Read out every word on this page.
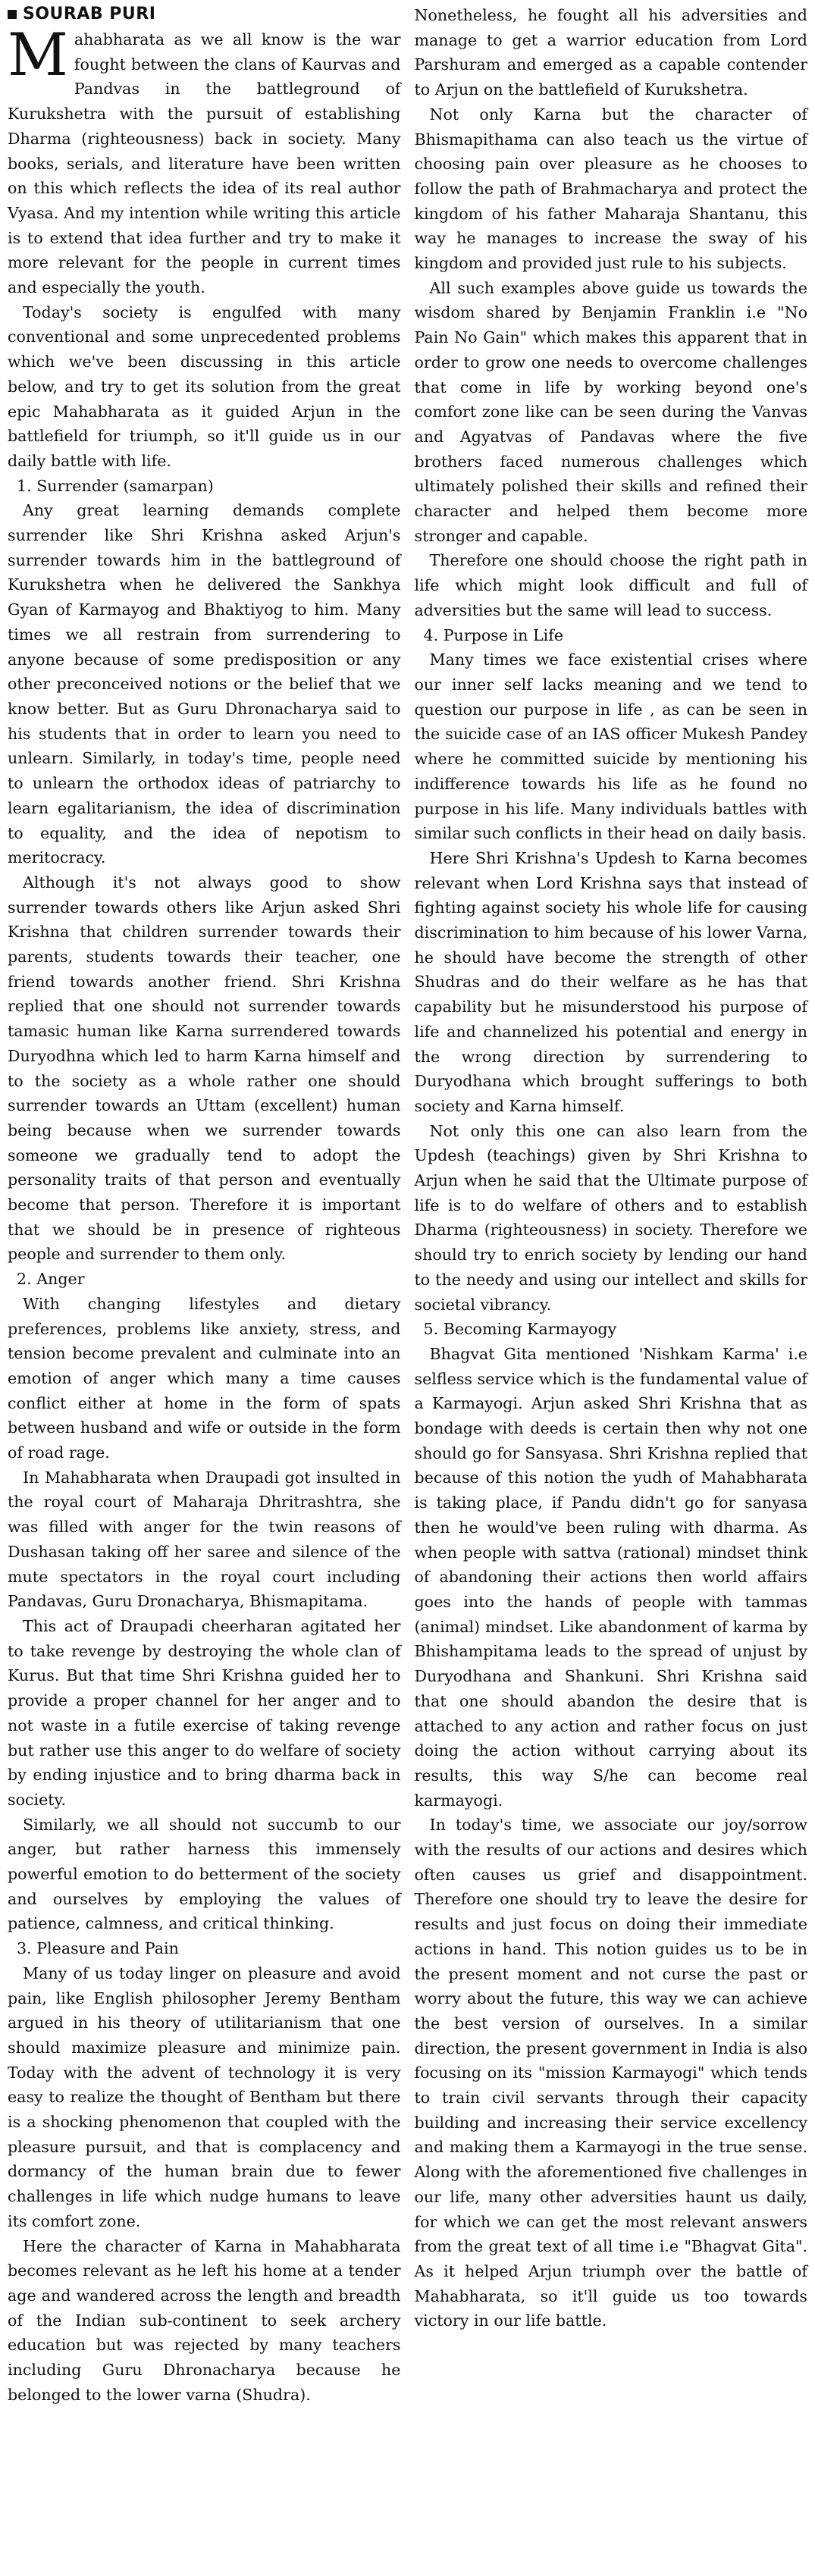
SOURAB PURI

Mahabharata as we all know is the war fought between the clans of Kaurvas and Pandvas in the battleground of Kurukshetra with the pursuit of establishing Dharma (righteousness) back in society. Many books, serials, and literature have been written on this which reflects the idea of its real author Vyasa. And my intention while writing this article is to extend that idea further and try to make it more relevant for the people in current times and especially the youth.

Today's society is engulfed with many conventional and some unprecedented problems which we've been discussing in this article below, and try to get its solution from the great epic Mahabharata as it guided Arjun in the battlefield for triumph, so it'll guide us in our daily battle with life.

1. Surrender (samarpan)

Any great learning demands complete surrender like Shri Krishna asked Arjun's surrender towards him in the battleground of Kurukshetra when he delivered the Sankhya Gyan of Karmayog and Bhaktiyog to him. Many times we all restrain from surrendering to anyone because of some predisposition or any other preconceived notions or the belief that we know better. But as Guru Dhronacharya said to his students that in order to learn you need to unlearn. Similarly, in today's time, people need to unlearn the orthodox ideas of patriarchy to learn egalitarianism, the idea of discrimination to equality, and the idea of nepotism to meritocracy.

Although it's not always good to show surrender towards others like Arjun asked Shri Krishna that children surrender towards their parents, students towards their teacher, one friend towards another friend. Shri Krishna replied that one should not surrender towards tamasic human like Karna surrendered towards Duryodhna which led to harm Karna himself and to the society as a whole rather one should surrender towards an Uttam (excellent) human being because when we surrender towards someone we gradually tend to adopt the personality traits of that person and eventually become that person. Therefore it is important that we should be in presence of righteous people and surrender to them only.

2. Anger

With changing lifestyles and dietary preferences, problems like anxiety, stress, and tension become prevalent and culminate into an emotion of anger which many a time causes conflict either at home in the form of spats between husband and wife or outside in the form of road rage.

In Mahabharata when Draupadi got insulted in the royal court of Maharaja Dhritrashtra, she was filled with anger for the twin reasons of Dushasan taking off her saree and silence of the mute spectators in the royal court including Pandavas, Guru Dronacharya, Bhismapitama.

This act of Draupadi cheerharan agitated her to take revenge by destroying the whole clan of Kurus. But that time Shri Krishna guided her to provide a proper channel for her anger and to not waste in a futile exercise of taking revenge but rather use this anger to do welfare of society by ending injustice and to bring dharma back in society.

Similarly, we all should not succumb to our anger, but rather harness this immensely powerful emotion to do betterment of the society and ourselves by employing the values of patience, calmness, and critical thinking.

3. Pleasure and Pain

Many of us today linger on pleasure and avoid pain, like English philosopher Jeremy Bentham argued in his theory of utilitarianism that one should maximize pleasure and minimize pain. Today with the advent of technology it is very easy to realize the thought of Bentham but there is a shocking phenomenon that coupled with the pleasure pursuit, and that is complacency and dormancy of the human brain due to fewer challenges in life which nudge humans to leave its comfort zone.

Here the character of Karna in Mahabharata becomes relevant as he left his home at a tender age and wandered across the length and breadth of the Indian sub-continent to seek archery education but was rejected by many teachers including Guru Dhronacharya because he belonged to the lower varna (Shudra).

Nonetheless, he fought all his adversities and manage to get a warrior education from Lord Parshuram and emerged as a capable contender to Arjun on the battlefield of Kurukshetra.

Not only Karna but the character of Bhismapithama can also teach us the virtue of choosing pain over pleasure as he chooses to follow the path of Brahmacharya and protect the kingdom of his father Maharaja Shantanu, this way he manages to increase the sway of his kingdom and provided just rule to his subjects.

All such examples above guide us towards the wisdom shared by Benjamin Franklin i.e "No Pain No Gain" which makes this apparent that in order to grow one needs to overcome challenges that come in life by working beyond one's comfort zone like can be seen during the Vanvas and Agyatvas of Pandavas where the five brothers faced numerous challenges which ultimately polished their skills and refined their character and helped them become more stronger and capable.

Therefore one should choose the right path in life which might look difficult and full of adversities but the same will lead to success.

4. Purpose in Life

Many times we face existential crises where our inner self lacks meaning and we tend to question our purpose in life , as can be seen in the suicide case of an IAS officer Mukesh Pandey where he committed suicide by mentioning his indifference towards his life as he found no purpose in his life. Many individuals battles with similar such conflicts in their head on daily basis.

Here Shri Krishna's Updesh to Karna becomes relevant when Lord Krishna says that instead of fighting against society his whole life for causing discrimination to him because of his lower Varna, he should have become the strength of other Shudras and do their welfare as he has that capability but he misunderstood his purpose of life and channelized his potential and energy in the wrong direction by surrendering to Duryodhana which brought sufferings to both society and Karna himself.

Not only this one can also learn from the Updesh (teachings) given by Shri Krishna to Arjun when he said that the Ultimate purpose of life is to do welfare of others and to establish Dharma (righteousness) in society. Therefore we should try to enrich society by lending our hand to the needy and using our intellect and skills for societal vibrancy.

5. Becoming Karmayogy

Bhagvat Gita mentioned 'Nishkam Karma' i.e selfless service which is the fundamental value of a Karmayogi. Arjun asked Shri Krishna that as bondage with deeds is certain then why not one should go for Sansyasa. Shri Krishna replied that because of this notion the yudh of Mahabharata is taking place, if Pandu didn't go for sanyasa then he would've been ruling with dharma. As when people with sattva (rational) mindset think of abandoning their actions then world affairs goes into the hands of people with tammas (animal) mindset. Like abandonment of karma by Bhishampitama leads to the spread of unjust by Duryodhana and Shankuni. Shri Krishna said that one should abandon the desire that is attached to any action and rather focus on just doing the action without carrying about its results, this way S/he can become real karmayogi.

In today's time, we associate our joy/sorrow with the results of our actions and desires which often causes us grief and disappointment. Therefore one should try to leave the desire for results and just focus on doing their immediate actions in hand. This notion guides us to be in the present moment and not curse the past or worry about the future, this way we can achieve the best version of ourselves. In a similar direction, the present government in India is also focusing on its "mission Karmayogi" which tends to train civil servants through their capacity building and increasing their service excellency and making them a Karmayogi in the true sense. Along with the aforementioned five challenges in our life, many other adversities haunt us daily, for which we can get the most relevant answers from the great text of all time i.e "Bhagvat Gita". As it helped Arjun triumph over the battle of Mahabharata, so it'll guide us too towards victory in our life battle.
